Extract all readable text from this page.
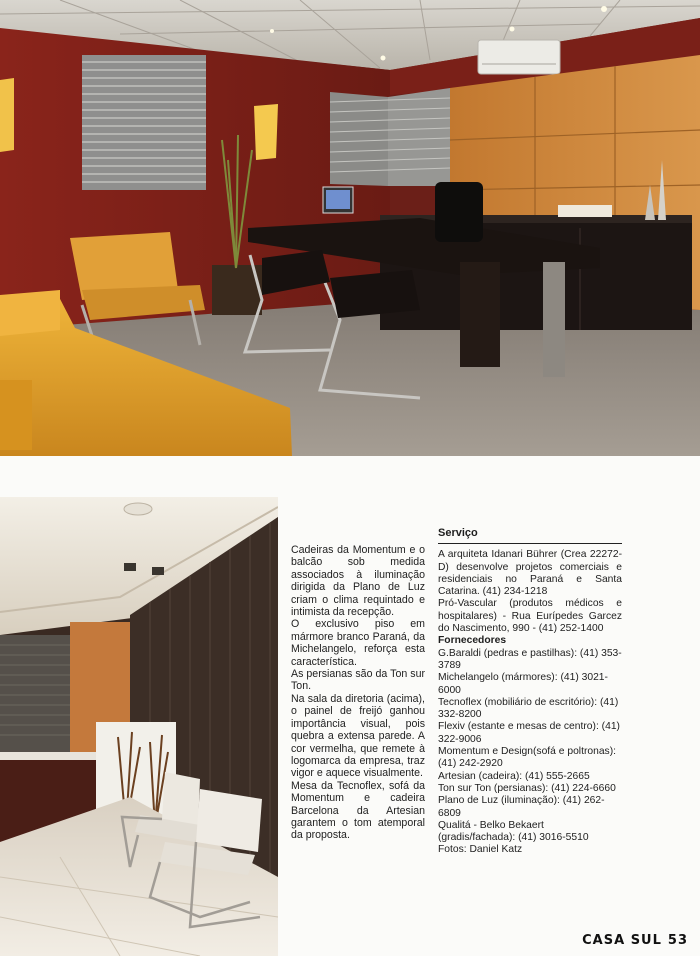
Cadeiras da Momentum e o balcão sob medida associados à iluminação dirigida da Plano de Luz criam o clima requintado e intimista da recepção.

O exclusivo piso em mármore branco Paraná, da Michelangelo, reforça esta característica.

As persianas são da Ton sur Ton.

Na sala da diretoria (acima), o painel de freijó ganhou importância visual, pois quebra a extensa parede. A cor vermelha, que remete à logomarca da empresa, traz vigor e aquece visualmente.

Mesa da Tecnoflex, sofá da Momentum e cadeira Barcelona da Artesian garantem o tom atemporal da proposta.

Serviço

A arquiteta Idanari Bührer (Crea 22272-D) desenvolve projetos comerciais e residenciais no Paraná e Santa Catarina. (41) 234-1218

Pró-Vascular (produtos médicos e hospitalares) - Rua Eurípedes Garcez do Nascimento, 990 - (41) 252-1400

Fornecedores

G.Baraldi (pedras e pastilhas): (41) 353-3789

Michelangelo (mármores): (41) 3021-6000

Tecnoflex (mobiliário de escritório): (41) 332-8200

Flexiv (estante e mesas de centro): (41) 322-9006

Momentum e Design(sofá e poltronas): (41) 242-2920

Artesian (cadeira): (41) 555-2665

Ton sur Ton (persianas): (41) 224-6660

Plano de Luz (iluminação): (41) 262-6809

Qualitá - Belko Bekaert (gradis/fachada): (41) 3016-5510

Fotos: Daniel Katz

CASA SUL 53
